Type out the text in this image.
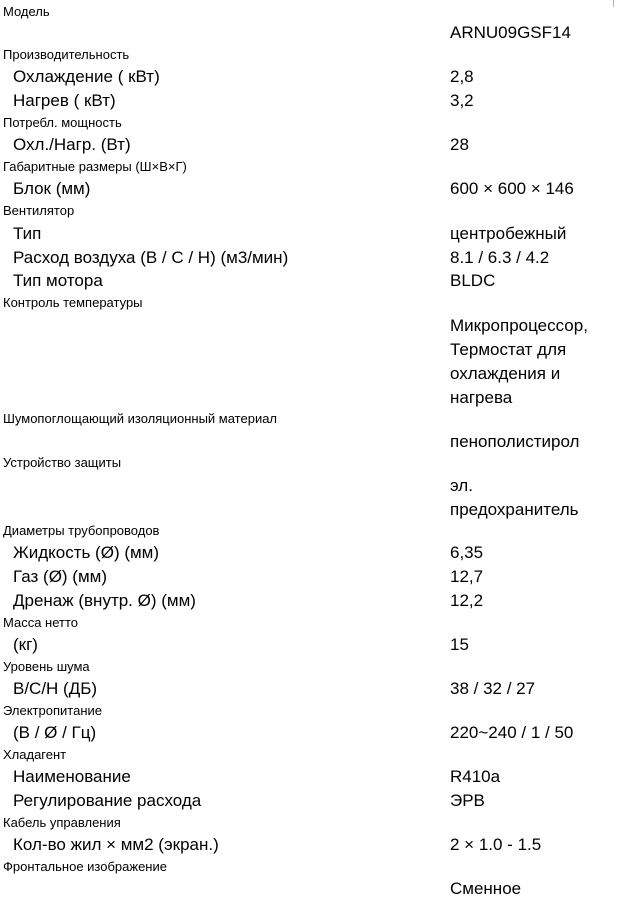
Модель
ARNU09GSF14
Производительность
Охлаждение ( кВт)	2,8
Нагрев ( кВт)	3,2
Потребл. мощность
Охл./Нагр. (Вт)	28
Габаритные размеры (Ш×В×Г)
Блок (мм)	600 × 600 × 146
Вентилятор
Тип	центробежный
Расход воздуха (В / С / Н) (м3/мин)	8.1 / 6.3 / 4.2
Тип мотора	BLDC
Контроль температуры
Микропроцессор,
Термостат для
охлаждения и
нагрева
Шумопоглощающий изоляционный материал
пенополистирол
Устройство защиты
эл.
предохранитель
Диаметры трубопроводов
Жидкость (Ø) (мм)	6,35
Газ (Ø) (мм)	12,7
Дренаж (внутр. Ø) (мм)	12,2
Масса нетто
(кг)	15
Уровень шума
В/С/Н (ДБ)	38 / 32 / 27
Электропитание
(В / Ø / Гц)	220~240 / 1 / 50
Хладагент
Наименование	R410a
Регулирование расхода	ЭРВ
Кабель управления
Кол-во жил × мм2 (экран.)	2 × 1.0 - 1.5
Фронтальное изображение
Сменное
